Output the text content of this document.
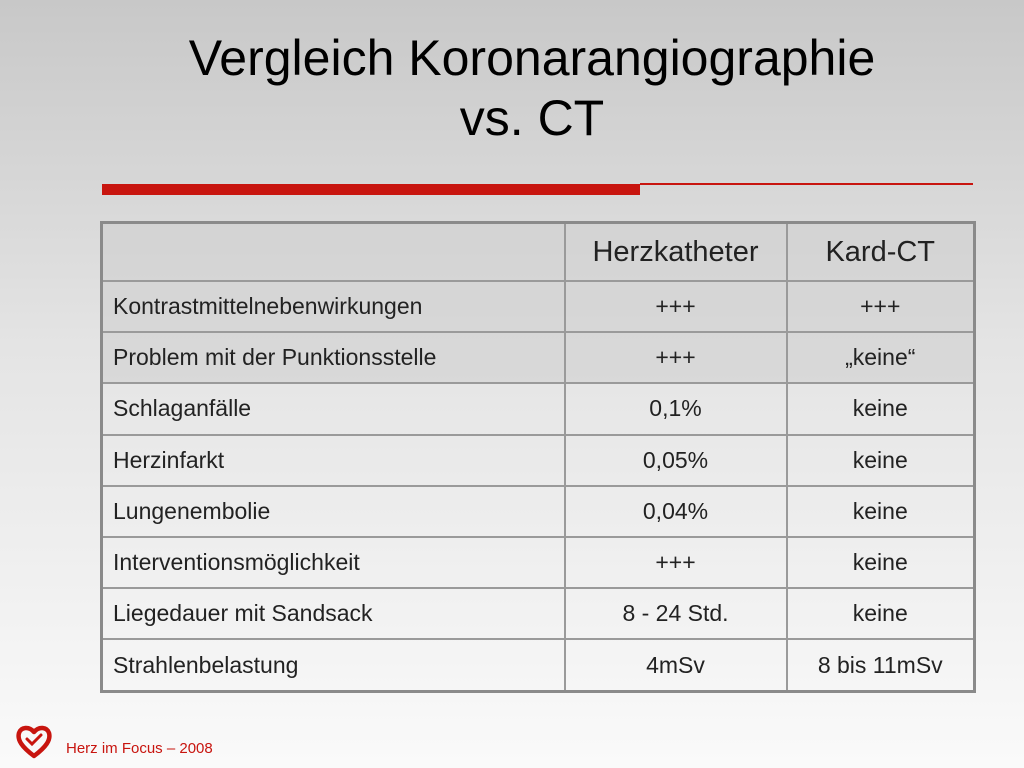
Vergleich Koronarangiographie
vs. CT
	Herzkatheter	Kard-CT
Kontrastmittelnebenwirkungen	+++	+++
Problem mit der Punktionsstelle	+++	„keine“
Schlaganfälle	0,1%	keine
Herzinfarkt	0,05%	keine
Lungenembolie	0,04%	keine
Interventionsmöglichkeit	+++	keine
Liegedauer mit Sandsack	8 - 24 Std.	keine
Strahlenbelastung	4mSv	8 bis 11mSv
Herz im Focus – 2008
